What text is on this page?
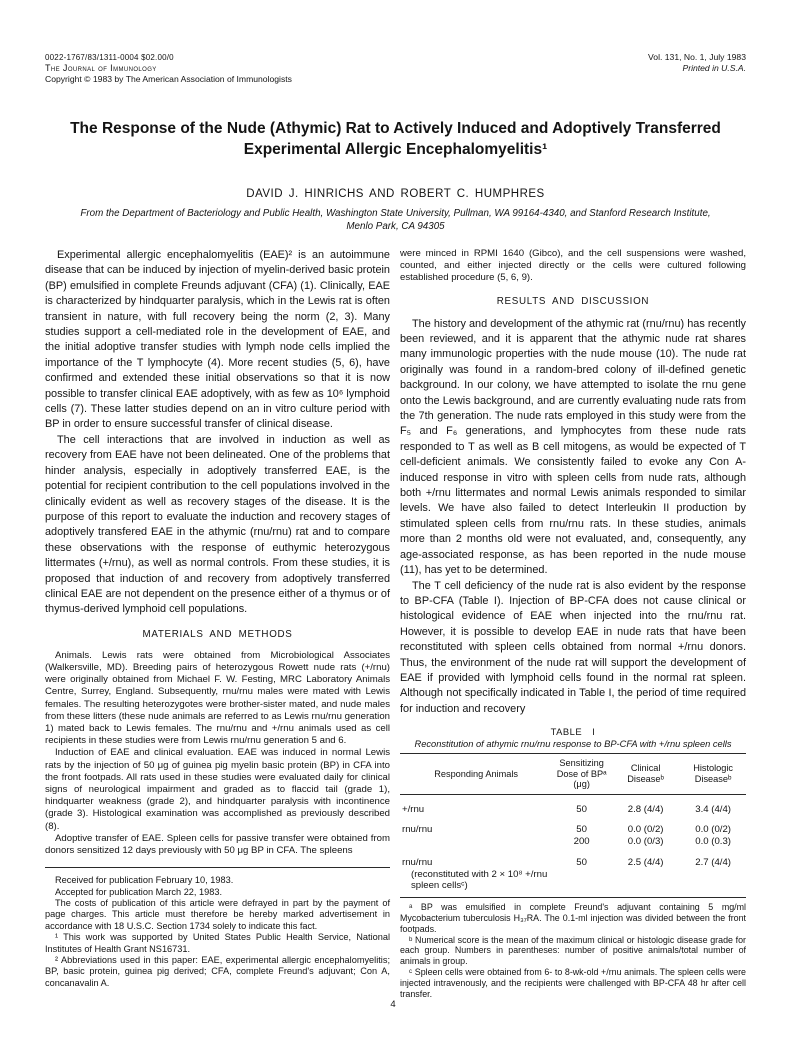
0022-1767/83/1311-0004 $02.00/0
The Journal of Immunology
Copyright © 1983 by The American Association of Immunologists
Vol. 131, No. 1, July 1983
Printed in U.S.A.
The Response of the Nude (Athymic) Rat to Actively Induced and Adoptively Transferred Experimental Allergic Encephalomyelitis¹
DAVID J. HINRICHS AND ROBERT C. HUMPHRES
From the Department of Bacteriology and Public Health, Washington State University, Pullman, WA 99164-4340, and Stanford Research Institute, Menlo Park, CA 94305

Experimental allergic encephalomyelitis (EAE)² is an autoimmune disease that can be induced by injection of myelin-derived basic protein (BP) emulsified in complete Freunds adjuvant (CFA) (1). Clinically, EAE is characterized by hindquarter paralysis, which in the Lewis rat is often transient in nature, with full recovery being the norm (2, 3). Many studies support a cell-mediated role in the development of EAE, and the initial adoptive transfer studies with lymph node cells implied the importance of the T lymphocyte (4). More recent studies (5, 6), have confirmed and extended these initial observations so that it is now possible to transfer clinical EAE adoptively, with as few as 10⁶ lymphoid cells (7). These latter studies depend on an in vitro culture period with BP in order to ensure successful transfer of clinical disease.

The cell interactions that are involved in induction as well as recovery from EAE have not been delineated. One of the problems that hinder analysis, especially in adoptively transferred EAE, is the potential for recipient contribution to the cell populations involved in the clinically evident as well as recovery stages of the disease. It is the purpose of this report to evaluate the induction and recovery stages of adoptively transfered EAE in the athymic (rnu/rnu) rat and to compare these observations with the response of euthymic heterozygous littermates (+/rnu), as well as normal controls. From these studies, it is proposed that induction of and recovery from adoptively transferred clinical EAE are not dependent on the presence either of a thymus or of thymus-derived lymphoid cell populations.

MATERIALS AND METHODS

Animals. Lewis rats were obtained from Microbiological Associates (Walkersville, MD). Breeding pairs of heterozygous Rowett nude rats (+/rnu) were originally obtained from Michael F. W. Festing, MRC Laboratory Animals Centre, Surrey, England. Subsequently, rnu/rnu males were mated with Lewis females. The resulting heterozygotes were brother-sister mated, and nude males from these litters (these nude animals are referred to as Lewis rnu/rnu generation 1) mated back to Lewis females. The rnu/rnu and +/rnu animals used as cell recipients in these studies were from Lewis rnu/rnu generation 5 and 6.

Induction of EAE and clinical evaluation. EAE was induced in normal Lewis rats by the injection of 50 μg of guinea pig myelin basic protein (BP) in CFA into the front footpads. All rats used in these studies were evaluated daily for clinical signs of neurological impairment and graded as to flaccid tail (grade 1), hindquarter weakness (grade 2), and hindquarter paralysis with incontinence (grade 3). Histological examination was accomplished as previously described (8).

Adoptive transfer of EAE. Spleen cells for passive transfer were obtained from donors sensitized 12 days previously with 50 μg BP in CFA. The spleens

Received for publication February 10, 1983.

Accepted for publication March 22, 1983.

The costs of publication of this article were defrayed in part by the payment of page charges. This article must therefore be hereby marked advertisement in accordance with 18 U.S.C. Section 1734 solely to indicate this fact.

¹ This work was supported by United States Public Health Service, National Institutes of Health Grant NS16731.

² Abbreviations used in this paper: EAE, experimental allergic encephalomyelitis; BP, basic protein, guinea pig derived; CFA, complete Freund's adjuvant; Con A, concanavalin A.

were minced in RPMI 1640 (Gibco), and the cell suspensions were washed, counted, and either injected directly or the cells were cultured following established procedure (5, 6, 9).

RESULTS AND DISCUSSION

The history and development of the athymic rat (rnu/rnu) has recently been reviewed, and it is apparent that the athymic nude rat shares many immunologic properties with the nude mouse (10). The nude rat originally was found in a random-bred colony of ill-defined genetic background. In our colony, we have attempted to isolate the rnu gene onto the Lewis background, and are currently evaluating nude rats from the 7th generation. The nude rats employed in this study were from the F₅ and F₆ generations, and lymphocytes from these nude rats responded to T as well as B cell mitogens, as would be expected of T cell-deficient animals. We consistently failed to evoke any Con A-induced response in vitro with spleen cells from nude rats, although both +/rnu littermates and normal Lewis animals responded to similar levels. We have also failed to detect Interleukin II production by stimulated spleen cells from rnu/rnu rats. In these studies, animals more than 2 months old were not evaluated, and, consequently, any age-associated response, as has been reported in the nude mouse (11), has yet to be determined.

The T cell deficiency of the nude rat is also evident by the response to BP-CFA (Table I). Injection of BP-CFA does not cause clinical or histological evidence of EAE when injected into the rnu/rnu rat. However, it is possible to develop EAE in nude rats that have been reconstituted with spleen cells obtained from normal +/rnu donors. Thus, the environment of the nude rat will support the development of EAE if provided with lymphoid cells found in the normal rat spleen. Although not specifically indicated in Table I, the period of time required for induction and recovery

TABLE I
Reconstitution of athymic rnu/rnu response to BP-CFA with +/rnu spleen cells
Responding Animals	Sensitizing Dose of BPᵃ (μg)	Clinical Diseaseᵇ	Histologic Diseaseᵇ
+/rnu	50	2.8 (4/4)	3.4 (4/4)
rnu/rnu	50	0.0 (0/2)	0.0 (0/2)
	200	0.0 (0/3)	0.0 (0.3)

rnu/rnu
(reconstituted with 2 × 10⁸ +/rnu spleen cellsᶜ)	50	2.5 (4/4)	2.7 (4/4)

ᵃ BP was emulsified in complete Freund's adjuvant containing 5 mg/ml Mycobacterium tuberculosis H₃₇RA. The 0.1-ml injection was divided between the front footpads.

ᵇ Numerical score is the mean of the maximum clinical or histologic disease grade for each group. Numbers in parentheses: number of positive animals/total number of animals in group.

ᶜ Spleen cells were obtained from 6- to 8-wk-old +/rnu animals. The spleen cells were injected intravenously, and the recipients were challenged with BP-CFA 48 hr after cell transfer.

4
